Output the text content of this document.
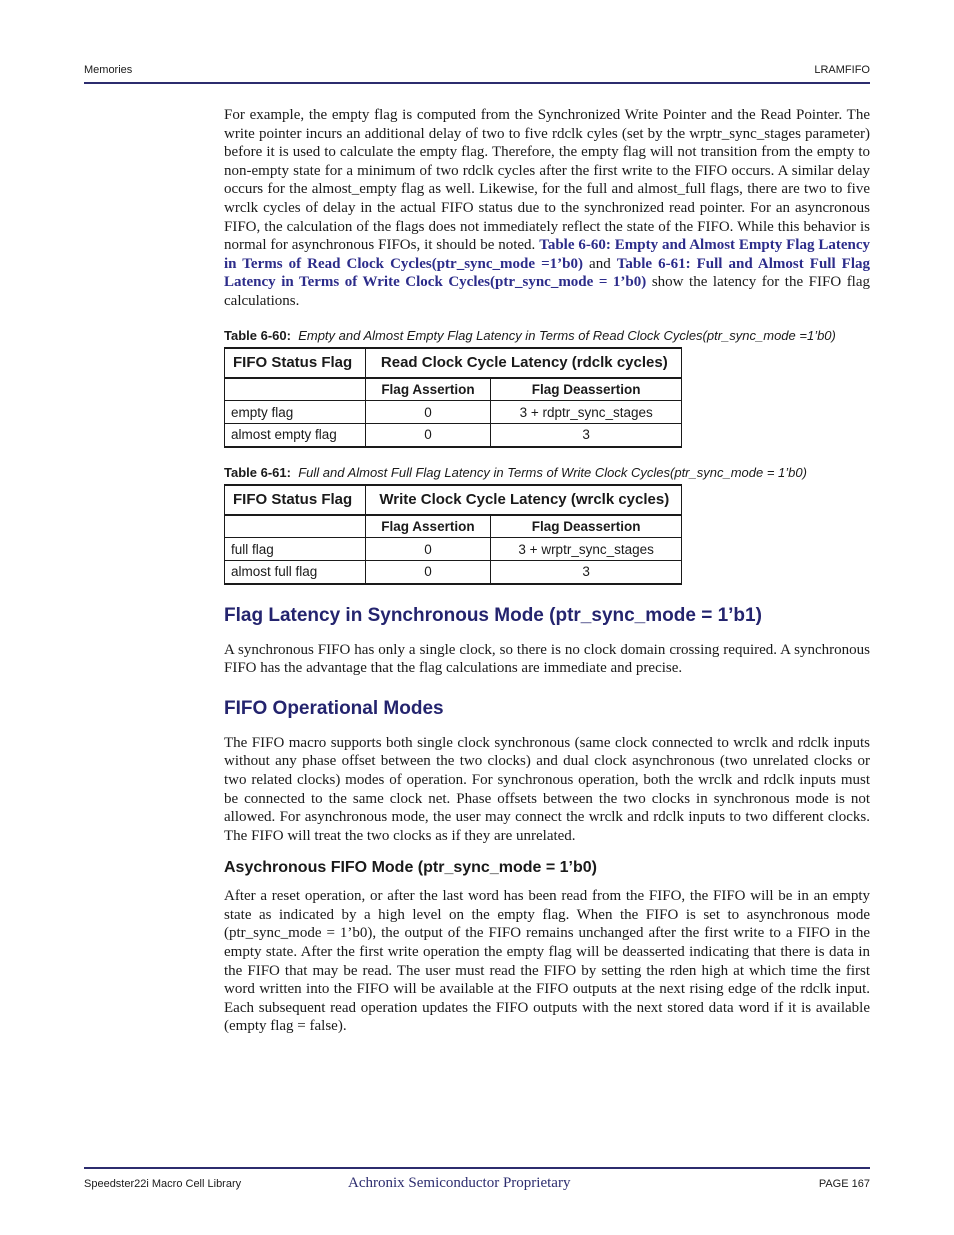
Memories	LRAMFIFO

For example, the empty flag is computed from the Synchronized Write Pointer and the Read Pointer. The write pointer incurs an additional delay of two to five rdclk cyles (set by the wrptr_sync_stages parameter) before it is used to calculate the empty flag. Therefore, the empty flag will not transition from the empty to non-empty state for a minimum of two rdclk cycles after the first write to the FIFO occurs. A similar delay occurs for the almost_empty flag as well. Likewise, for the full and almost_full flags, there are two to five wrclk cycles of delay in the actual FIFO status due to the synchronized read pointer. For an asyncronous FIFO, the calculation of the flags does not immediately reflect the state of the FIFO. While this behavior is normal for asynchronous FIFOs, it should be noted. Table 6-60: Empty and Almost Empty Flag Latency in Terms of Read Clock Cycles(ptr_sync_mode =1’b0) and Table 6-61: Full and Almost Full Flag Latency in Terms of Write Clock Cycles(ptr_sync_mode = 1’b0) show the latency for the FIFO flag calculations.

Table 6-60: Empty and Almost Empty Flag Latency in Terms of Read Clock Cycles(ptr_sync_mode =1’b0)
FIFO Status Flag	Read Clock Cycle Latency (rdclk cycles)	
	Flag Assertion	Flag Deassertion
empty flag	0	3 + rdptr_sync_stages
almost empty flag	0	3
Table 6-61: Full and Almost Full Flag Latency in Terms of Write Clock Cycles(ptr_sync_mode = 1’b0)
FIFO Status Flag	Write Clock Cycle Latency (wrclk cycles)	
	Flag Assertion	Flag Deassertion
full flag	0	3 + wrptr_sync_stages
almost full flag	0	3
Flag Latency in Synchronous Mode (ptr_sync_mode = 1’b1)

A synchronous FIFO has only a single clock, so there is no clock domain crossing required. A synchronous FIFO has the advantage that the flag calculations are immediate and precise.

FIFO Operational Modes

The FIFO macro supports both single clock synchronous (same clock connected to wrclk and rdclk inputs without any phase offset between the two clocks) and dual clock asynchronous (two unrelated clocks or two related clocks) modes of operation. For synchronous operation, both the wrclk and rdclk inputs must be connected to the same clock net. Phase offsets between the two clocks in synchronous mode is not allowed. For asynchronous mode, the user may connect the wrclk and rdclk inputs to two different clocks. The FIFO will treat the two clocks as if they are unrelated.

Asychronous FIFO Mode (ptr_sync_mode = 1’b0)

After a reset operation, or after the last word has been read from the FIFO, the FIFO will be in an empty state as indicated by a high level on the empty flag. When the FIFO is set to asynchronous mode (ptr_sync_mode = 1’b0), the output of the FIFO remains unchanged after the first write to a FIFO in the empty state. After the first write operation the empty flag will be deasserted indicating that there is data in the FIFO that may be read. The user must read the FIFO by setting the rden high at which time the first word written into the FIFO will be available at the FIFO outputs at the next rising edge of the rdclk input. Each subsequent read operation updates the FIFO outputs with the next stored data word if it is available (empty flag = false).

Speedster22i Macro Cell Library	Achronix Semiconductor Proprietary	PAGE 167
